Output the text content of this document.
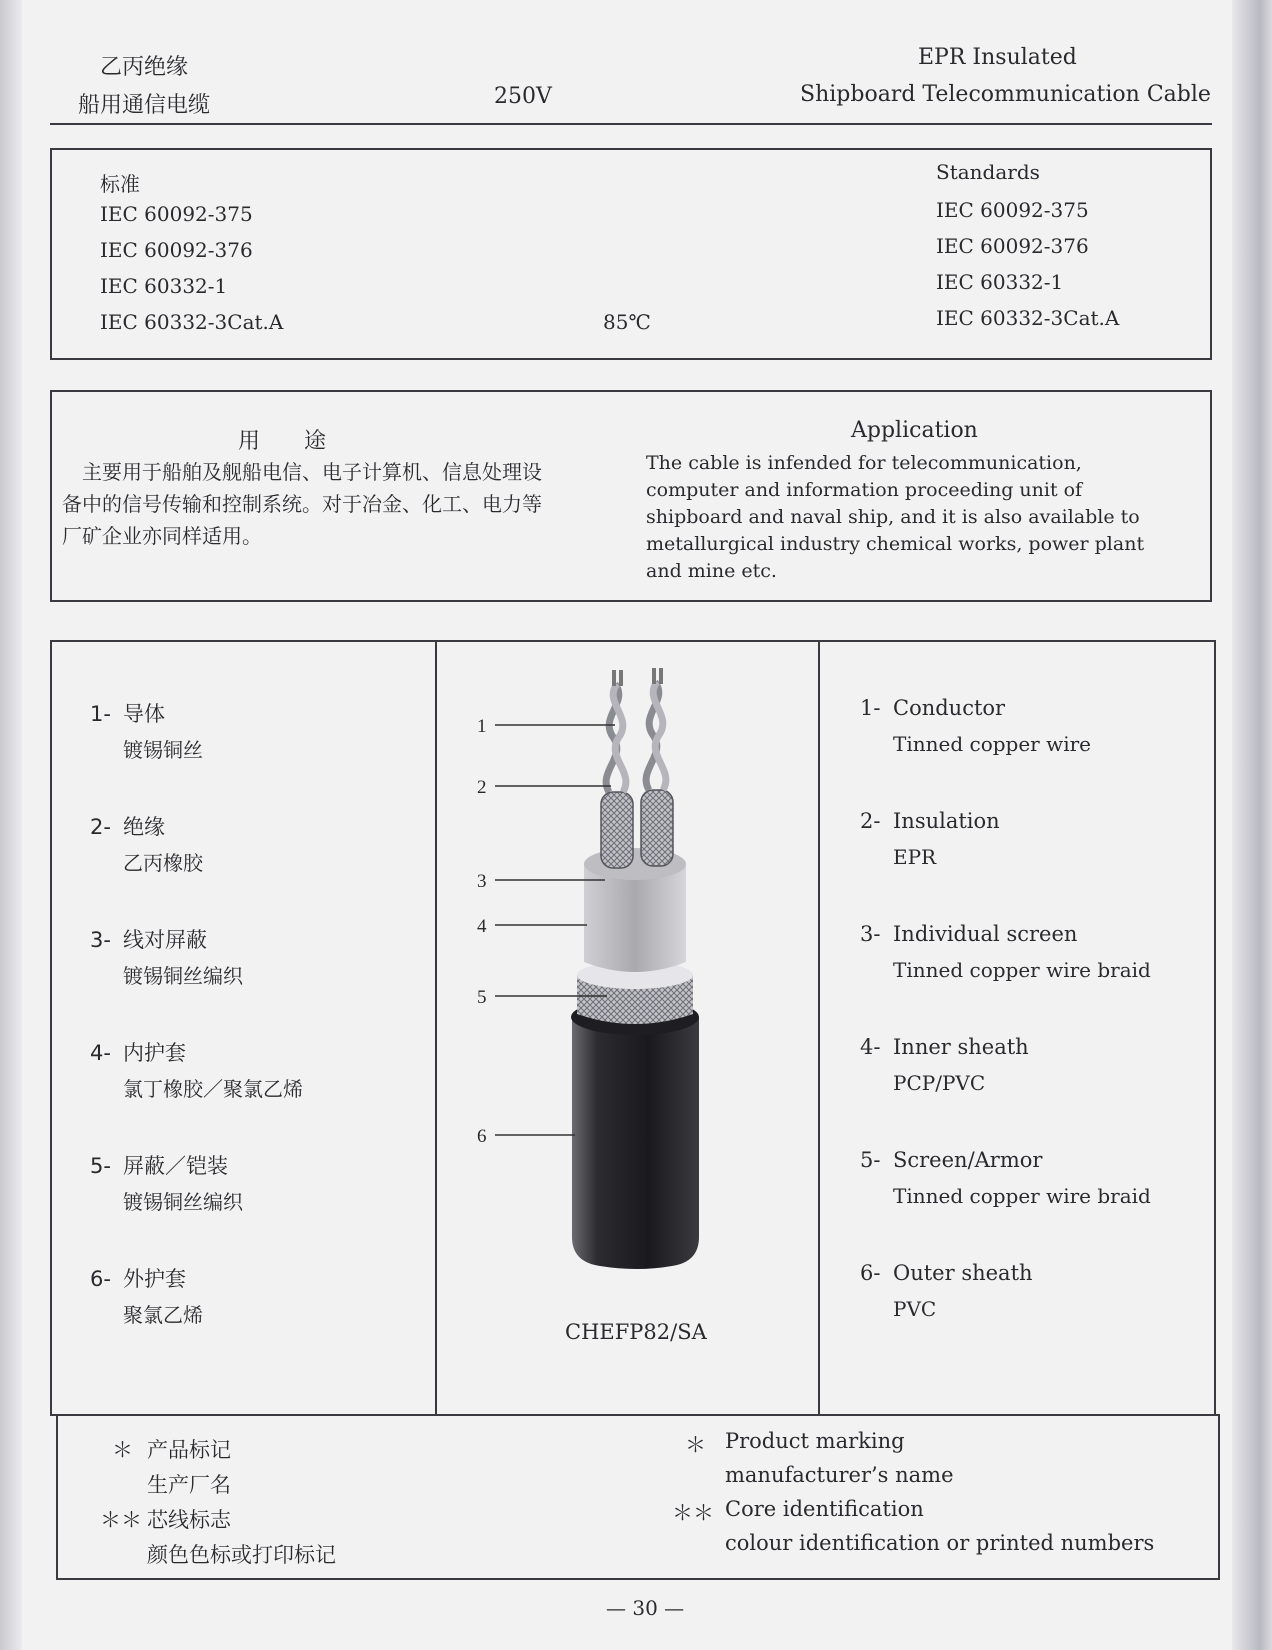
乙丙绝缘
船用通信电缆	250V
EPR Insulated
Shipboard Telecommunication Cable
标准
IEC 60092-375
IEC 60092-376
IEC 60332-1
IEC 60332-3Cat.A	85℃
Standards
IEC 60092-375
IEC 60092-376
IEC 60332-1
IEC 60332-3Cat.A
用　　途
　主要用于船舶及舰船电信、电子计算机、信息处理设备中的信号传输和控制系统。对于冶金、化工、电力等厂矿企业亦同样适用。
Application
The cable is infended for telecommunication, computer and information proceeding unit of shipboard and naval ship, and it is also available to metallurgical industry chemical works, power plant and mine etc.
1- 导体
镀锡铜丝
2- 绝缘
乙丙橡胶
3- 线对屏蔽
镀锡铜丝编织
4- 内护套
氯丁橡胶／聚氯乙烯
5- 屏蔽／铠装
镀锡铜丝编织
6- 外护套
聚氯乙烯
1
2
3
4
5
6
CHEFP82/SA
1- Conductor
Tinned copper wire
2- Insulation
EPR
3- Individual screen
Tinned copper wire braid
4- Inner sheath
PCP/PVC
5- Screen/Armor
Tinned copper wire braid
6- Outer sheath
PVC
＊ 产品标记
生产厂名
＊＊ 芯线标志
颜色色标或打印标记
＊ Product marking
manufacturer’s name
＊＊ Core identification
colour identification or printed numbers
— 30 —
